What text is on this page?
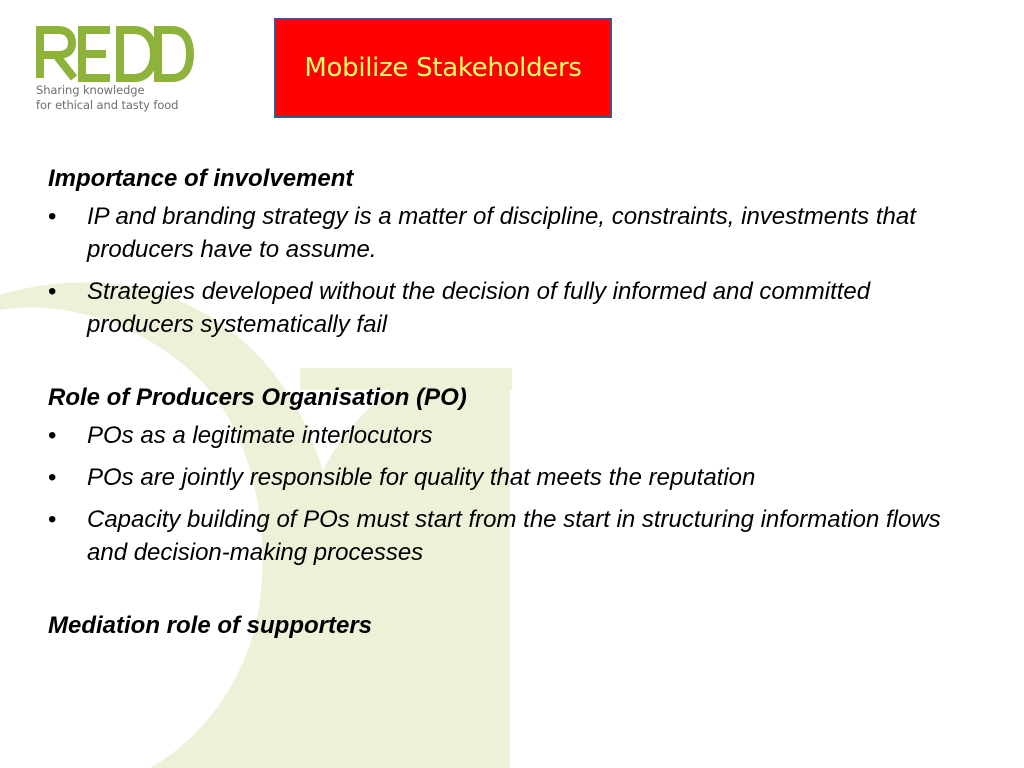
Sharing knowledge
for ethical and tasty food
Mobilize Stakeholders

Importance of involvement

• IP and branding strategy is a matter of discipline, constraints, investments that producers have to assume.
• Strategies developed without the decision of fully informed and committed producers systematically fail

Role of Producers Organisation (PO)

• POs as a legitimate interlocutors
• POs are jointly responsible for quality that meets the reputation
• Capacity building of POs must start from the start in structuring information flows and decision-making processes

Mediation role of supporters
